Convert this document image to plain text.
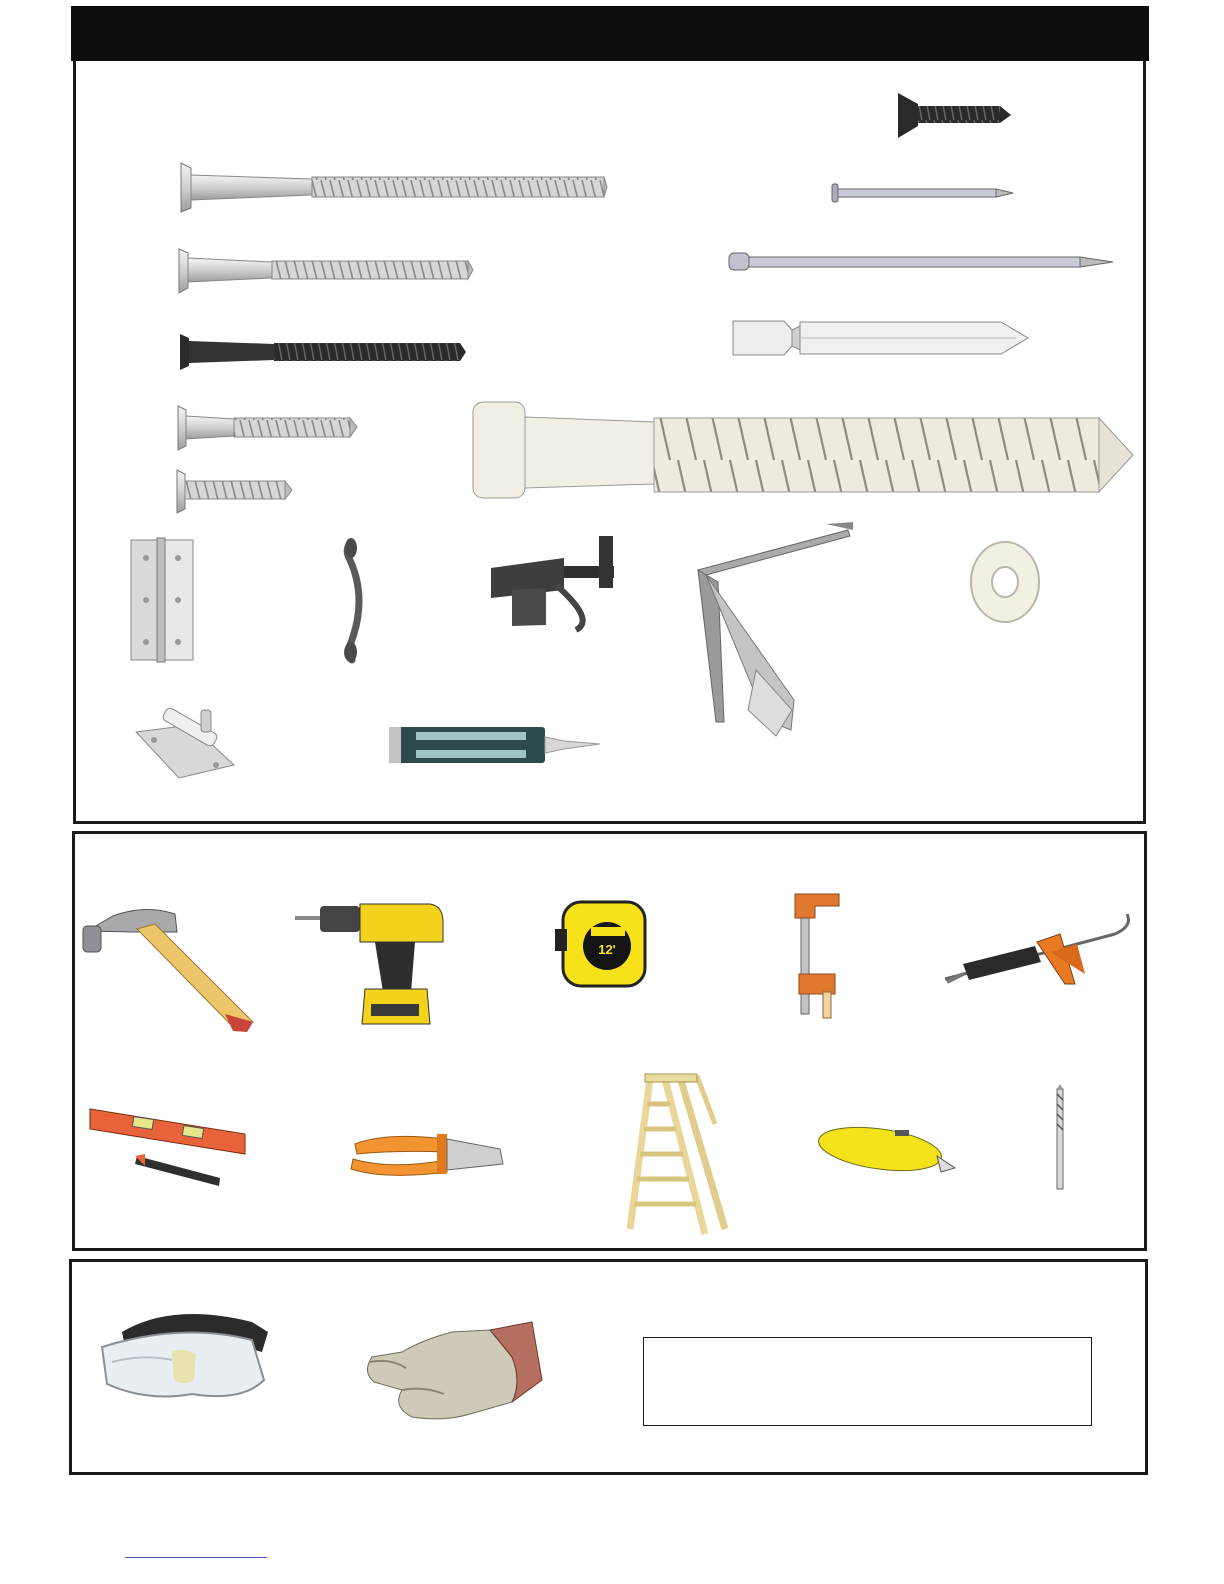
12'
